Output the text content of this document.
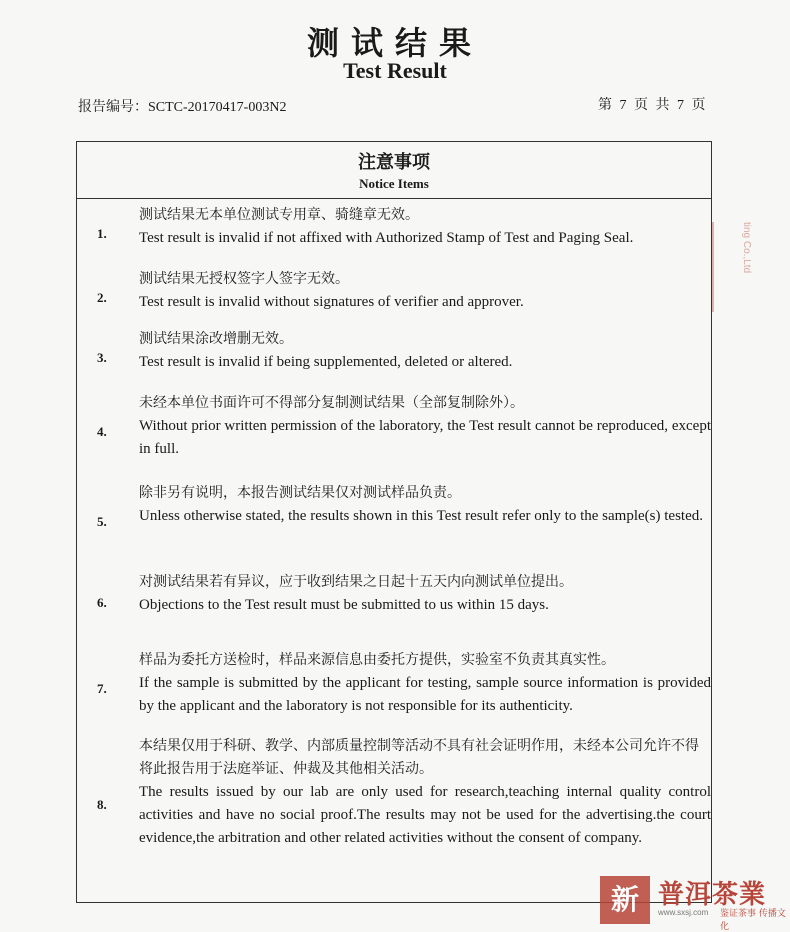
测试结果
Test Result
报告编号：SCTC-20170417-003N2	第 7 页 共 7 页
注意事项
Notice Items
1.
测试结果无本单位测试专用章、骑缝章无效。
Test result is invalid if not affixed with Authorized Stamp of Test and Paging Seal.
2.
测试结果无授权签字人签字无效。
Test result is invalid without signatures of verifier and approver.
3.
测试结果涂改增删无效。
Test result is invalid if being supplemented, deleted or altered.
4.
未经本单位书面许可不得部分复制测试结果（全部复制除外）。
Without prior written permission of the laboratory, the Test result cannot be reproduced, except in full.
5.
除非另有说明，本报告测试结果仅对测试样品负责。
Unless otherwise stated, the results shown in this Test result refer only to the sample(s) tested.
6.
对测试结果若有异议，应于收到结果之日起十五天内向测试单位提出。
Objections to the Test result must be submitted to us within 15 days.
7.
样品为委托方送检时，样品来源信息由委托方提供，实验室不负责其真实性。
If the sample is submitted by the applicant for testing, sample source information is provided by the applicant and the laboratory is not responsible for its authenticity.
8.
本结果仅用于科研、教学、内部质量控制等活动不具有社会证明作用，未经本公司允许不得将此报告用于法庭举证、仲裁及其他相关活动。
The results issued by our lab are only used for research,teaching internal quality control activities and have no social proof.The results may not be used for the advertising.the court evidence,the arbitration and other related activities without the consent of company.
ting Co.,Ltd
新 普洱茶業
www.sxsj.com 鉴证茶事 传播文化
